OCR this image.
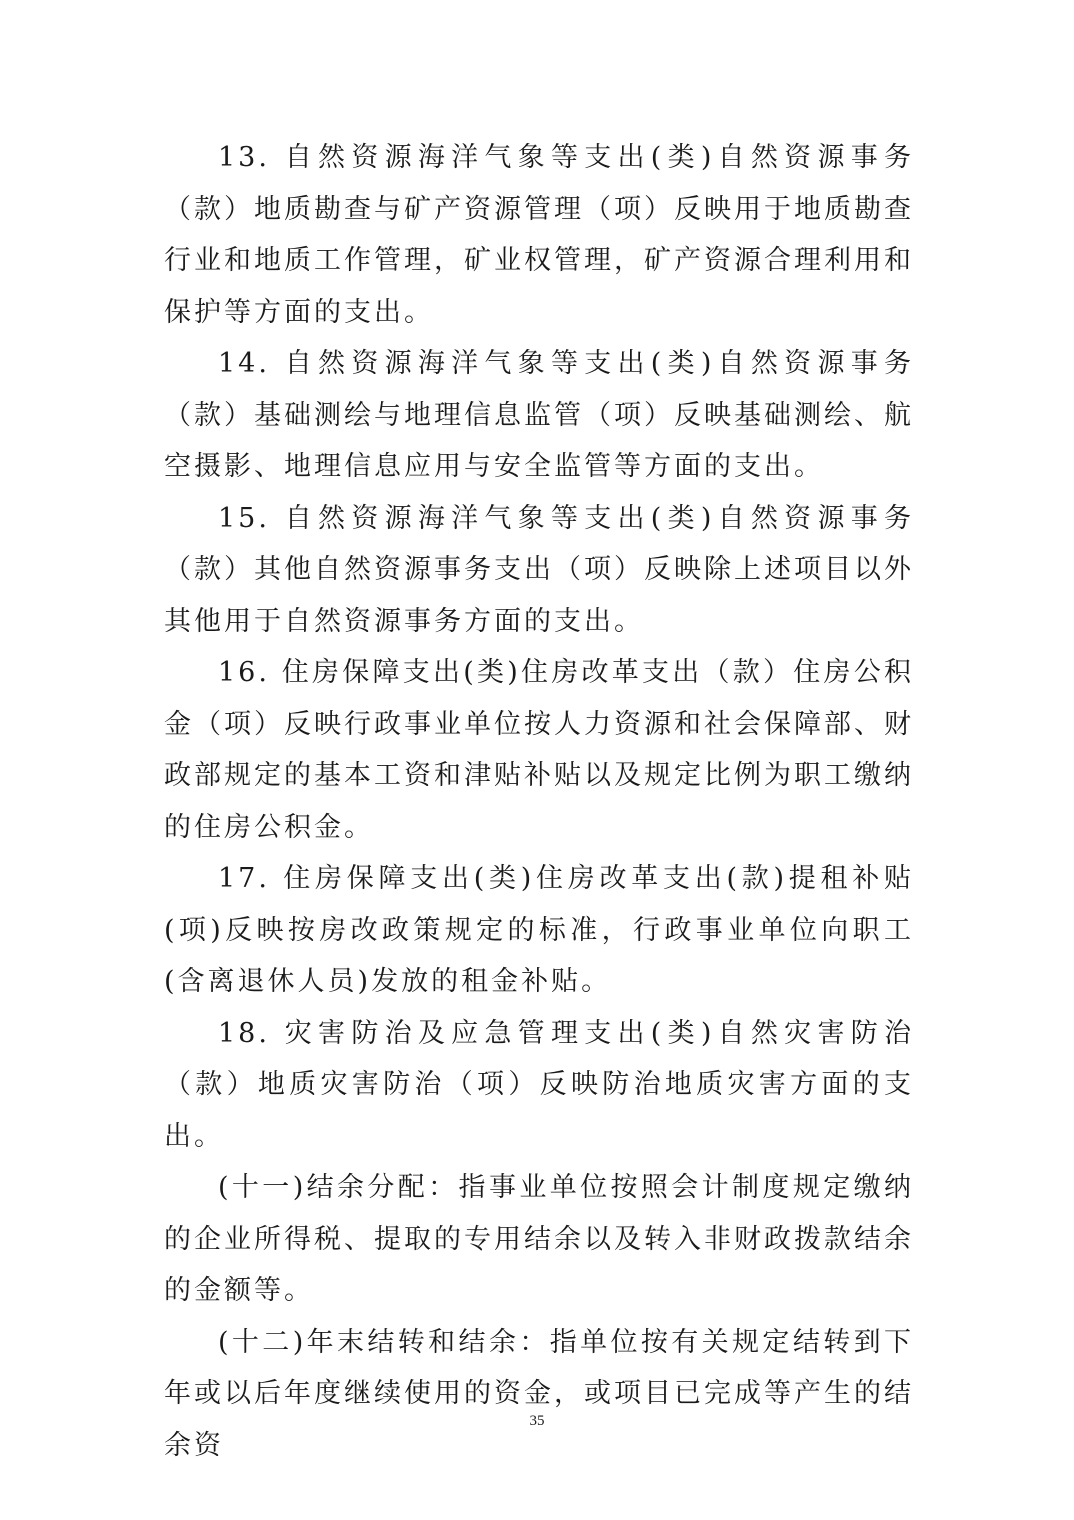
13. 自然资源海洋气象等支出(类)自然资源事务（款）地质勘查与矿产资源管理（项）反映用于地质勘查行业和地质工作管理，矿业权管理，矿产资源合理利用和保护等方面的支出。

14. 自然资源海洋气象等支出(类)自然资源事务（款）基础测绘与地理信息监管（项）反映基础测绘、航空摄影、地理信息应用与安全监管等方面的支出。

15. 自然资源海洋气象等支出(类)自然资源事务（款）其他自然资源事务支出（项）反映除上述项目以外其他用于自然资源事务方面的支出。

16. 住房保障支出(类)住房改革支出（款）住房公积金（项）反映行政事业单位按人力资源和社会保障部、财政部规定的基本工资和津贴补贴以及规定比例为职工缴纳的住房公积金。

17. 住房保障支出(类)住房改革支出(款)提租补贴(项)反映按房改政策规定的标准，行政事业单位向职工(含离退休人员)发放的租金补贴。

18. 灾害防治及应急管理支出(类)自然灾害防治（款）地质灾害防治（项）反映防治地质灾害方面的支出。

(十一)结余分配：指事业单位按照会计制度规定缴纳的企业所得税、提取的专用结余以及转入非财政拨款结余的金额等。

(十二)年末结转和结余：指单位按有关规定结转到下年或以后年度继续使用的资金，或项目已完成等产生的结余资

35
